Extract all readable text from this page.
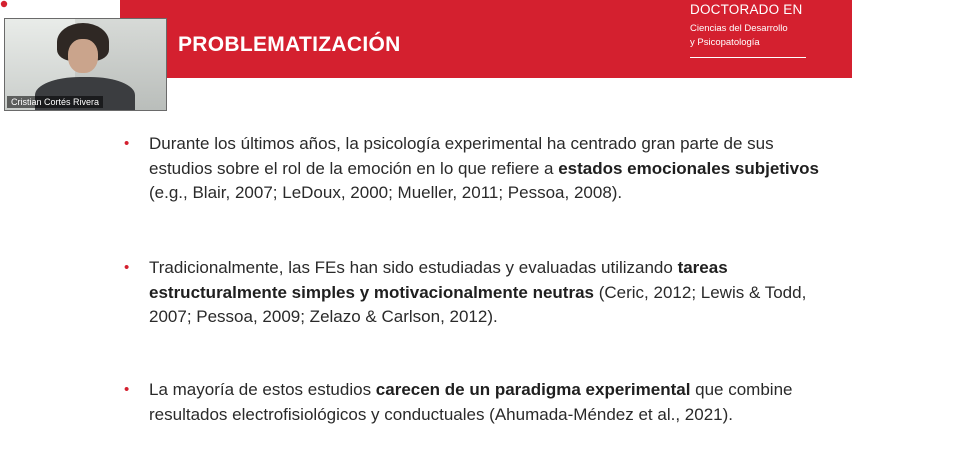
PROBLEMATIZACIÓN
DOCTORADO EN
Ciencias del Desarrollo
y Psicopatología
Cristian Cortés Rivera
• Durante los últimos años, la psicología experimental ha centrado gran parte de sus estudios sobre el rol de la emoción en lo que refiere a estados emocionales subjetivos (e.g., Blair, 2007; LeDoux, 2000; Mueller, 2011; Pessoa, 2008).
• Tradicionalmente, las FEs han sido estudiadas y evaluadas utilizando tareas estructuralmente simples y motivacionalmente neutras (Ceric, 2012; Lewis & Todd, 2007; Pessoa, 2009; Zelazo & Carlson, 2012).
• La mayoría de estos estudios carecen de un paradigma experimental que combine resultados electrofisiológicos y conductuales (Ahumada-Méndez et al., 2021).
